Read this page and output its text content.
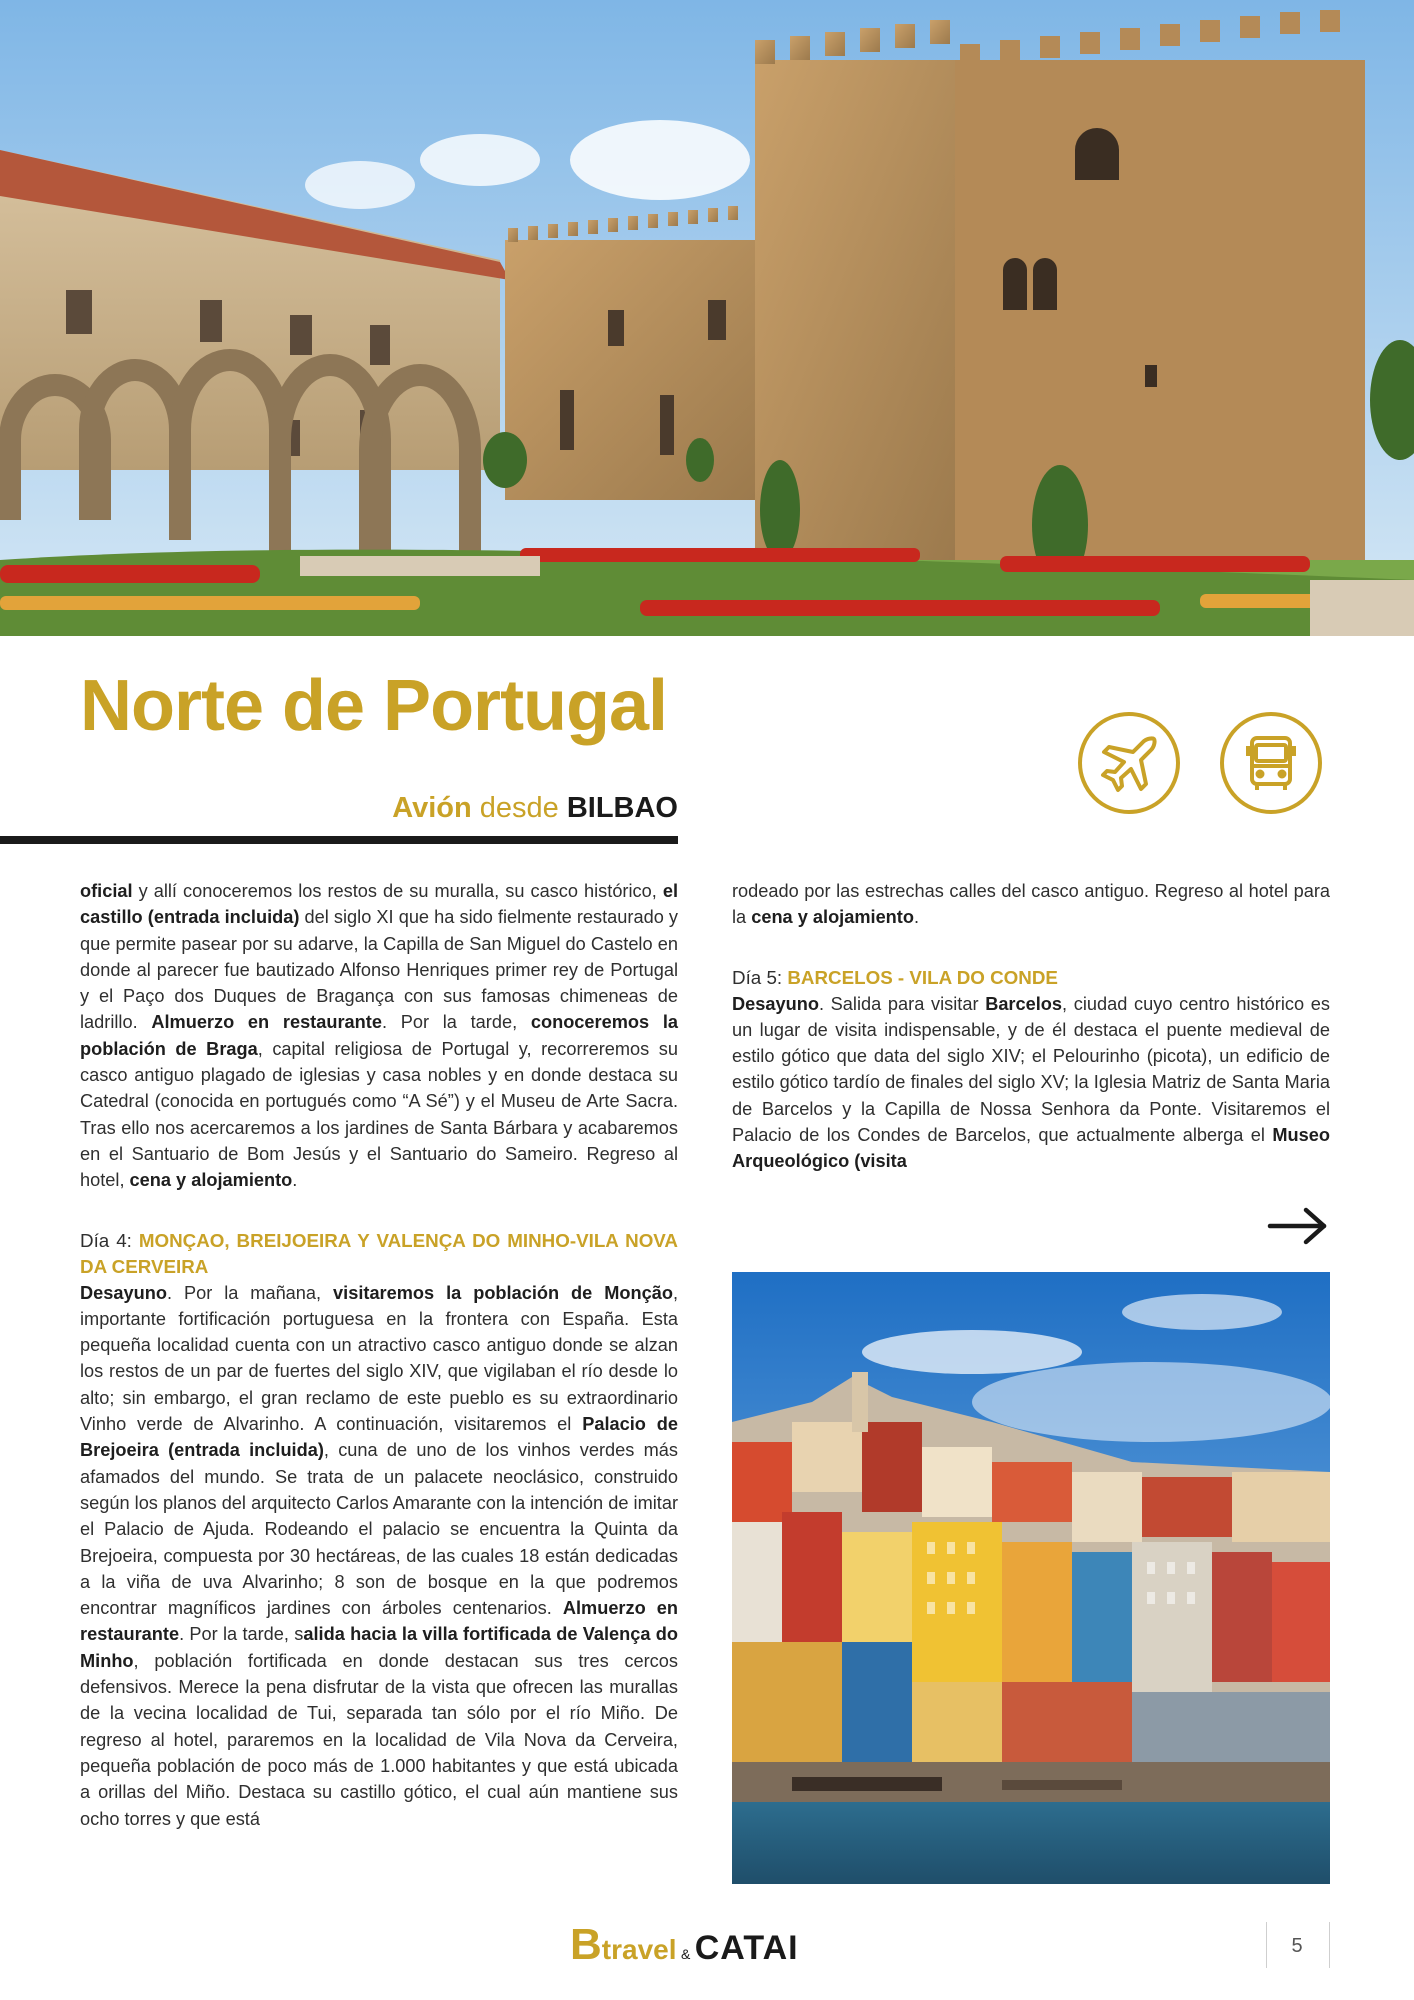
Norte de Portugal
Avión desde BILBAO

oficial y allí conoceremos los restos de su muralla, su casco histórico, el castillo (entrada incluida) del siglo XI que ha sido fielmente restaurado y que permite pasear por su adarve, la Capilla de San Miguel do Castelo en donde al parecer fue bautizado Alfonso Henriques primer rey de Portugal y el Paço dos Duques de Bragança con sus famosas chimeneas de ladrillo. Almuerzo en restaurante. Por la tarde, conoceremos la población de Braga, capital religiosa de Portugal y, recorreremos su casco antiguo plagado de iglesias y casa nobles y en donde destaca su Catedral (conocida en portugués como “A Sé”) y el Museu de Arte Sacra. Tras ello nos acercaremos a los jardines de Santa Bárbara y acabaremos en el Santuario de Bom Jesús y el Santuario do Sameiro. Regreso al hotel, cena y alojamiento.

Día 4: MONÇAO, BREIJOEIRA Y VALENÇA DO MINHO-VILA NOVA DA CERVEIRA

Desayuno. Por la mañana, visitaremos la población de Monção, importante fortificación portuguesa en la frontera con España. Esta pequeña localidad cuenta con un atractivo casco antiguo donde se alzan los restos de un par de fuertes del siglo XIV, que vigilaban el río desde lo alto; sin embargo, el gran reclamo de este pueblo es su extraordinario Vinho verde de Alvarinho. A continuación, visitaremos el Palacio de Brejoeira (entrada incluida), cuna de uno de los vinhos verdes más afamados del mundo. Se trata de un palacete neoclásico, construido según los planos del arquitecto Carlos Amarante con la intención de imitar el Palacio de Ajuda. Rodeando el palacio se encuentra la Quinta da Brejoeira, compuesta por 30 hectáreas, de las cuales 18 están dedicadas a la viña de uva Alvarinho; 8 son de bosque en la que podremos encontrar magníficos jardines con árboles centenarios. Almuerzo en restaurante. Por la tarde, salida hacia la villa fortificada de Valença do Minho, población fortificada en donde destacan sus tres cercos defensivos. Merece la pena disfrutar de la vista que ofrecen las murallas de la vecina localidad de Tui, separada tan sólo por el río Miño. De regreso al hotel, pararemos en la localidad de Vila Nova da Cerveira, pequeña población de poco más de 1.000 habitantes y que está ubicada a orillas del Miño. Destaca su castillo gótico, el cual aún mantiene sus ocho torres y que está

rodeado por las estrechas calles del casco antiguo. Regreso al hotel para la cena y alojamiento.

Día 5: BARCELOS - VILA DO CONDE

Desayuno. Salida para visitar Barcelos, ciudad cuyo centro histórico es un lugar de visita indispensable, y de él destaca el puente medieval de estilo gótico que data del siglo XIV; el Pelourinho (picota), un edificio de estilo gótico tardío de finales del siglo XV; la Iglesia Matriz de Santa Maria de Barcelos y la Capilla de Nossa Senhora da Ponte. Visitaremos el Palacio de los Condes de Barcelos, que actualmente alberga el Museo Arqueológico (visita

Btravel & CATAI	5
